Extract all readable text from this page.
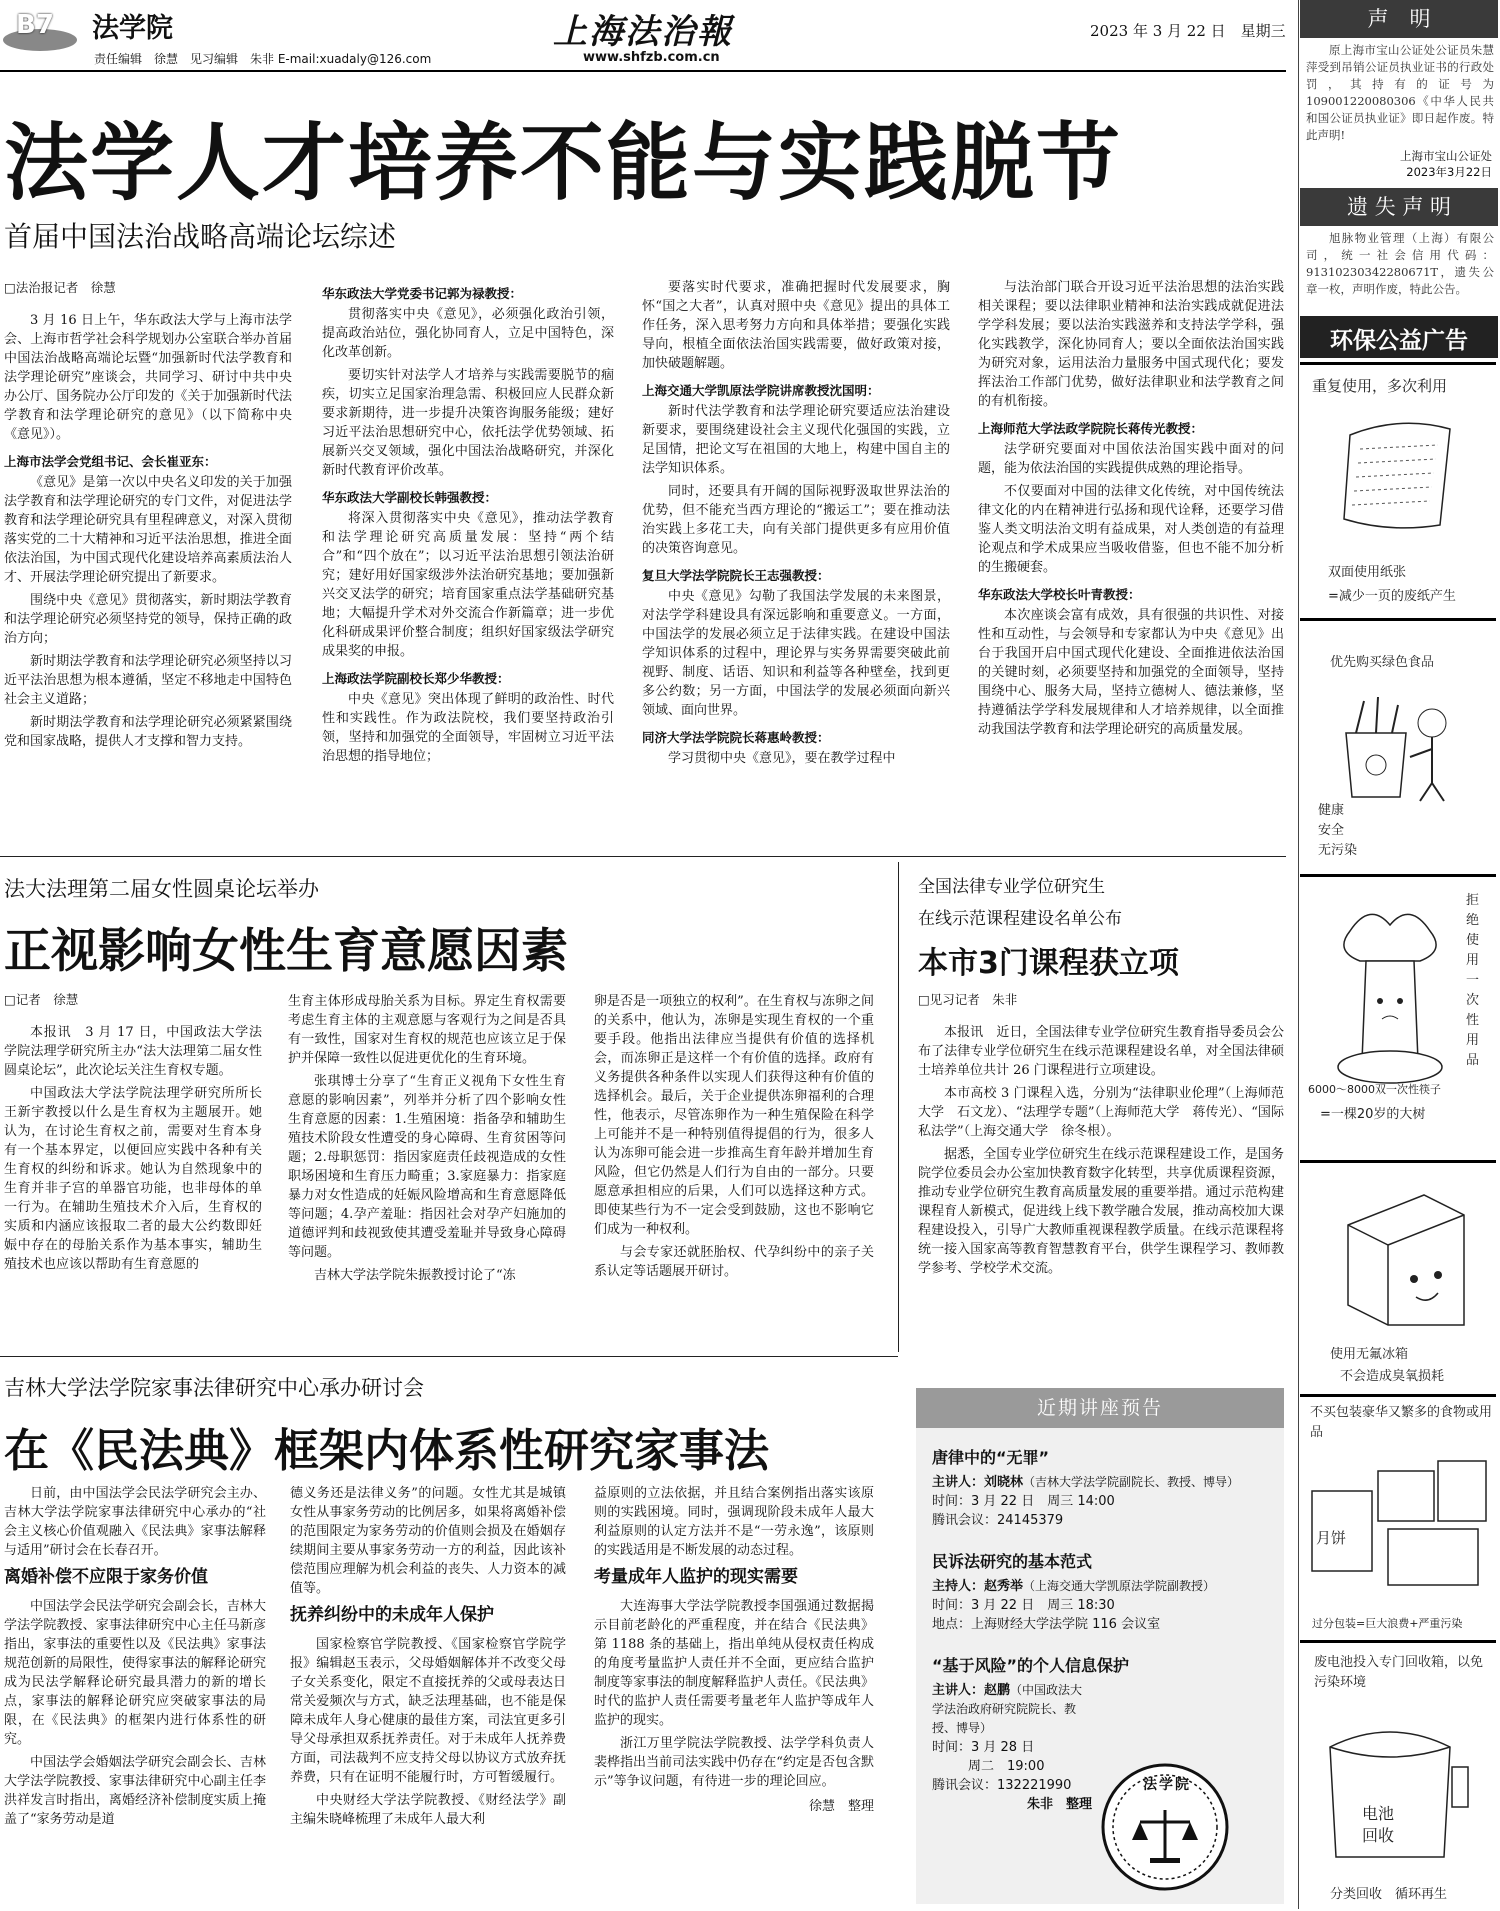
B7 法学院
责任编辑　徐慧　见习编辑　朱非 E-mail:xuadaly@126.com
上海法治報
www.shfzb.com.cn
2023 年 3 月 22 日　星期三
法学人才培养不能与实践脱节
首届中国法治战略高端论坛综述

□法治报记者　徐慧

3 月 16 日上午，华东政法大学与上海市法学会、上海市哲学社会科学规划办公室联合举办首届中国法治战略高端论坛暨“加强新时代法学教育和法学理论研究”座谈会，共同学习、研讨中共中央办公厅、国务院办公厅印发的《关于加强新时代法学教育和法学理论研究的意见》（以下简称中央《意见》）。

上海市法学会党组书记、会长崔亚东：

《意见》是第一次以中央名义印发的关于加强法学教育和法学理论研究的专门文件，对促进法学教育和法学理论研究具有里程碑意义，对深入贯彻落实党的二十大精神和习近平法治思想，推进全面依法治国，为中国式现代化建设培养高素质法治人才、开展法学理论研究提出了新要求。

围绕中央《意见》贯彻落实，新时期法学教育和法学理论研究必须坚持党的领导，保持正确的政治方向；

新时期法学教育和法学理论研究必须坚持以习近平法治思想为根本遵循，坚定不移地走中国特色社会主义道路；

新时期法学教育和法学理论研究必须紧紧围绕党和国家战略，提供人才支撑和智力支持。

华东政法大学党委书记郭为禄教授：

贯彻落实中央《意见》，必须强化政治引领，提高政治站位，强化协同育人，立足中国特色，深化改革创新。

要切实针对法学人才培养与实践需要脱节的痼疾，切实立足国家治理急需、积极回应人民群众新要求新期待，进一步提升决策咨询服务能级；建好习近平法治思想研究中心，依托法学优势领域、拓展新兴交叉领域，强化中国法治战略研究，并深化新时代教育评价改革。

华东政法大学副校长韩强教授：

将深入贯彻落实中央《意见》，推动法学教育和法学理论研究高质量发展：坚持“两个结合”和“四个放在”；以习近平法治思想引领法治研究；建好用好国家级涉外法治研究基地；要加强新兴交叉法学的研究；培育国家重点法学基础研究基地；大幅提升学术对外交流合作新篇章；进一步优化科研成果评价整合制度；组织好国家级法学研究成果奖的申报。

上海政法学院副校长郑少华教授：

中央《意见》突出体现了鲜明的政治性、时代性和实践性。作为政法院校，我们要坚持政治引领，坚持和加强党的全面领导，牢固树立习近平法治思想的指导地位；

要落实时代要求，准确把握时代发展要求，胸怀“国之大者”，认真对照中央《意见》提出的具体工作任务，深入思考努力方向和具体举措；要强化实践导向，根植全面依法治国实践需要，做好政策对接，加快破题解题。

上海交通大学凯原法学院讲席教授沈国明：

新时代法学教育和法学理论研究要适应法治建设新要求，要围绕建设社会主义现代化强国的实践，立足国情，把论文写在祖国的大地上，构建中国自主的法学知识体系。

同时，还要具有开阔的国际视野汲取世界法治的优势，但不能充当西方理论的“搬运工”；要在推动法治实践上多花工夫，向有关部门提供更多有应用价值的决策咨询意见。

复旦大学法学院院长王志强教授：

中央《意见》勾勒了我国法学发展的未来图景，对法学学科建设具有深远影响和重要意义。一方面，中国法学的发展必须立足于法律实践。在建设中国法学知识体系的过程中，理论界与实务界需要突破此前视野、制度、话语、知识和利益等各种壁垒，找到更多公约数；另一方面，中国法学的发展必须面向新兴领域、面向世界。

同济大学法学院院长蒋惠岭教授：

学习贯彻中央《意见》，要在教学过程中

与法治部门联合开设习近平法治思想的法治实践相关课程；要以法律职业精神和法治实践成就促进法学学科发展；要以法治实践滋养和支持法学学科，强化实践教学，深化协同育人；要以全面依法治国实践为研究对象，运用法治力量服务中国式现代化；要发挥法治工作部门优势，做好法律职业和法学教育之间的有机衔接。

上海师范大学法政学院院长蒋传光教授：

法学研究要面对中国依法治国实践中面对的问题，能为依法治国的实践提供成熟的理论指导。

不仅要面对中国的法律文化传统，对中国传统法律文化的内在精神进行弘扬和现代诠释，还要学习借鉴人类文明法治文明有益成果，对人类创造的有益理论观点和学术成果应当吸收借鉴，但也不能不加分析的生搬硬套。

华东政法大学校长叶青教授：

本次座谈会富有成效，具有很强的共识性、对接性和互动性，与会领导和专家都认为中央《意见》出台于我国开启中国式现代化建设、全面推进依法治国的关键时刻，必须要坚持和加强党的全面领导，坚持围绕中心、服务大局，坚持立德树人、德法兼修，坚持遵循法学学科发展规律和人才培养规律，以全面推动我国法学教育和法学理论研究的高质量发展。

法大法理第二届女性圆桌论坛举办
正视影响女性生育意愿因素

□记者　徐慧

本报讯　3 月 17 日，中国政法大学法学院法理学研究所主办“法大法理第二届女性圆桌论坛”，此次论坛关注生育权专题。

中国政法大学法学院法理学研究所所长王新宇教授以什么是生育权为主题展开。她认为，在讨论生育权之前，需要对生育本身有一个基本界定，以便回应实践中各种有关生育权的纠纷和诉求。她认为自然现象中的生育并非子宫的单器官功能，也非母体的单一行为。在辅助生殖技术介入后，生育权的实质和内涵应该报取二者的最大公约数即妊娠中存在的母胎关系作为基本事实，辅助生殖技术也应该以帮助有生育意愿的

生育主体形成母胎关系为目标。界定生育权需要考虑生育主体的主观意愿与客观行为之间是否具有一致性，国家对生育权的规范也应该立足于保护并保障一致性以促进更优化的生育环境。

张琪博士分享了“生育正义视角下女性生育意愿的影响因素”，列举并分析了四个影响女性生育意愿的因素：1.生殖困境：指备孕和辅助生殖技术阶段女性遭受的身心障碍、生育贫困等问题；2.母职惩罚：指因家庭责任歧视造成的女性职场困境和生育压力畸重；3.家庭暴力：指家庭暴力对女性造成的妊娠风险增高和生育意愿降低等问题；4.孕产羞耻：指因社会对孕产妇施加的道德评判和歧视致使其遭受羞耻并导致身心障碍等问题。

吉林大学法学院朱振教授讨论了“冻

卵是否是一项独立的权利”。在生育权与冻卵之间的关系中，他认为，冻卵是实现生育权的一个重要手段。他指出法律应当提供有价值的选择机会，而冻卵正是这样一个有价值的选择。政府有义务提供各种条件以实现人们获得这种有价值的选择机会。最后，关于企业提供冻卵福利的合理性，他表示，尽管冻卵作为一种生殖保险在科学上可能并不是一种特别值得提倡的行为，很多人认为冻卵可能会进一步推高生育年龄并增加生育风险，但它仍然是人们行为自由的一部分。只要愿意承担相应的后果，人们可以选择这种方式。即使某些行为不一定会受到鼓励，这也不影响它们成为一种权利。

与会专家还就胚胎权、代孕纠纷中的亲子关系认定等话题展开研讨。

全国法律专业学位研究生
在线示范课程建设名单公布
本市3门课程获立项

□见习记者　朱非

本报讯　近日，全国法律专业学位研究生教育指导委员会公布了法律专业学位研究生在线示范课程建设名单，对全国法律硕士培养单位共计 26 门课程进行立项建设。

本市高校 3 门课程入选，分别为“法律职业伦理”（上海师范大学　石文龙）、“法理学专题”（上海师范大学　蒋传光）、“国际私法学”（上海交通大学　徐冬根）。

据悉，全国专业学位研究生在线示范课程建设工作，是国务院学位委员会办公室加快教育数字化转型，共享优质课程资源，推动专业学位研究生教育高质量发展的重要举措。通过示范构建课程育人新模式，促进线上线下教学融合发展，推动高校加大课程建设投入，引导广大教师重视课程教学质量。在线示范课程将统一接入国家高等教育智慧教育平台，供学生课程学习、教师教学参考、学校学术交流。

吉林大学法学院家事法律研究中心承办研讨会
在《民法典》框架内体系性研究家事法

日前，由中国法学会民法学研究会主办、吉林大学法学院家事法律研究中心承办的“社会主义核心价值观融入《民法典》家事法解释与适用”研讨会在长春召开。

离婚补偿不应限于家务价值

中国法学会民法学研究会副会长，吉林大学法学院教授、家事法律研究中心主任马新彦指出，家事法的重要性以及《民法典》家事法规范创新的局限性，使得家事法的解释论研究成为民法学解释论研究最具潜力的新的增长点，家事法的解释论研究应突破家事法的局限，在《民法典》的框架内进行体系性的研究。

中国法学会婚姻法学研究会副会长、吉林大学法学院教授、家事法律研究中心副主任李洪祥发言时指出，离婚经济补偿制度实质上掩盖了“家务劳动是道

德义务还是法律义务”的问题。女性尤其是城镇女性从事家务劳动的比例居多，如果将离婚补偿的范围限定为家务劳动的价值则会损及在婚姻存续期间主要从事家务劳动一方的利益，因此该补偿范围应理解为机会利益的丧失、人力资本的减值等。

抚养纠纷中的未成年人保护

国家检察官学院教授、《国家检察官学院学报》编辑赵玉表示，父母婚姻解体并不改变父母子女关系变化，限定不直接抚养的父或母表达日常关爱频次与方式，缺乏法理基础，也不能是保障未成年人身心健康的最佳方案，司法宜更多引导父母承担双系抚养责任。对于未成年人抚养费方面，司法裁判不应支持父母以协议方式放弃抚养费，只有在证明不能履行时，方可暂缓履行。

中央财经大学法学院教授、《财经法学》副主编朱晓峰梳理了未成年人最大利

益原则的立法依据，并且结合案例指出落实该原则的实践困境。同时，强调现阶段未成年人最大利益原则的认定方法并不是“一劳永逸”，该原则的实践适用是不断发展的动态过程。

考量成年人监护的现实需要

大连海事大学法学院教授李国强通过数据揭示目前老龄化的严重程度，并在结合《民法典》第 1188 条的基础上，指出单纯从侵权责任构成的角度考量监护人责任并不全面，更应结合监护制度等家事法的制度解释监护人责任。《民法典》时代的监护人责任需要考量老年人监护等成年人监护的现实。

浙江万里学院法学院教授、法学学科负责人裴桦指出当前司法实践中仍存在“约定是否包含默示”等争议问题，有待进一步的理论回应。

徐慧　整理

近期讲座预告

唐律中的“无罪”

主讲人：刘晓林（吉林大学法学院副院长、教授、博导）

时间：3 月 22 日　周三 14:00

腾讯会议：24145379

民诉法研究的基本范式

主持人：赵秀举（上海交通大学凯原法学院副教授）

时间：3 月 22 日　周三 18:30

地点：上海财经大学法学院 116 会议室

“基于风险”的个人信息保护

主讲人：赵鹏（中国政法大学法治政府研究院院长、教授、博导）

时间：3 月 28 日

周二　19:00

腾讯会议：132221990

朱非　整理

法学院
声　明
原上海市宝山公证处公证员朱慧萍受到吊销公证员执业证书的行政处罚，其持有的证号为109001220080306《中华人民共和国公证员执业证》即日起作废。特此声明!
上海市宝山公证处
2023年3月22日
遗 失 声 明
旭脉物业管理（上海）有限公司，统一社会信用代码：91310230342280671T，遗失公章一枚，声明作废，特此公告。
环保公益广告
重复使用，多次利用
双面使用纸张
=减少一页的废纸产生
优先购买绿色食品
健康
安全
无污染
拒绝使用一次性用品
6000～8000双一次性筷子
=一棵20岁的大树
使用无氟冰箱
不会造成臭氧损耗
不买包装豪华又繁多的食物或用品
月饼
过分包装=巨大浪费+严重污染
废电池投入专门回收箱，以免污染环境
电池回收
分类回收　循环再生
